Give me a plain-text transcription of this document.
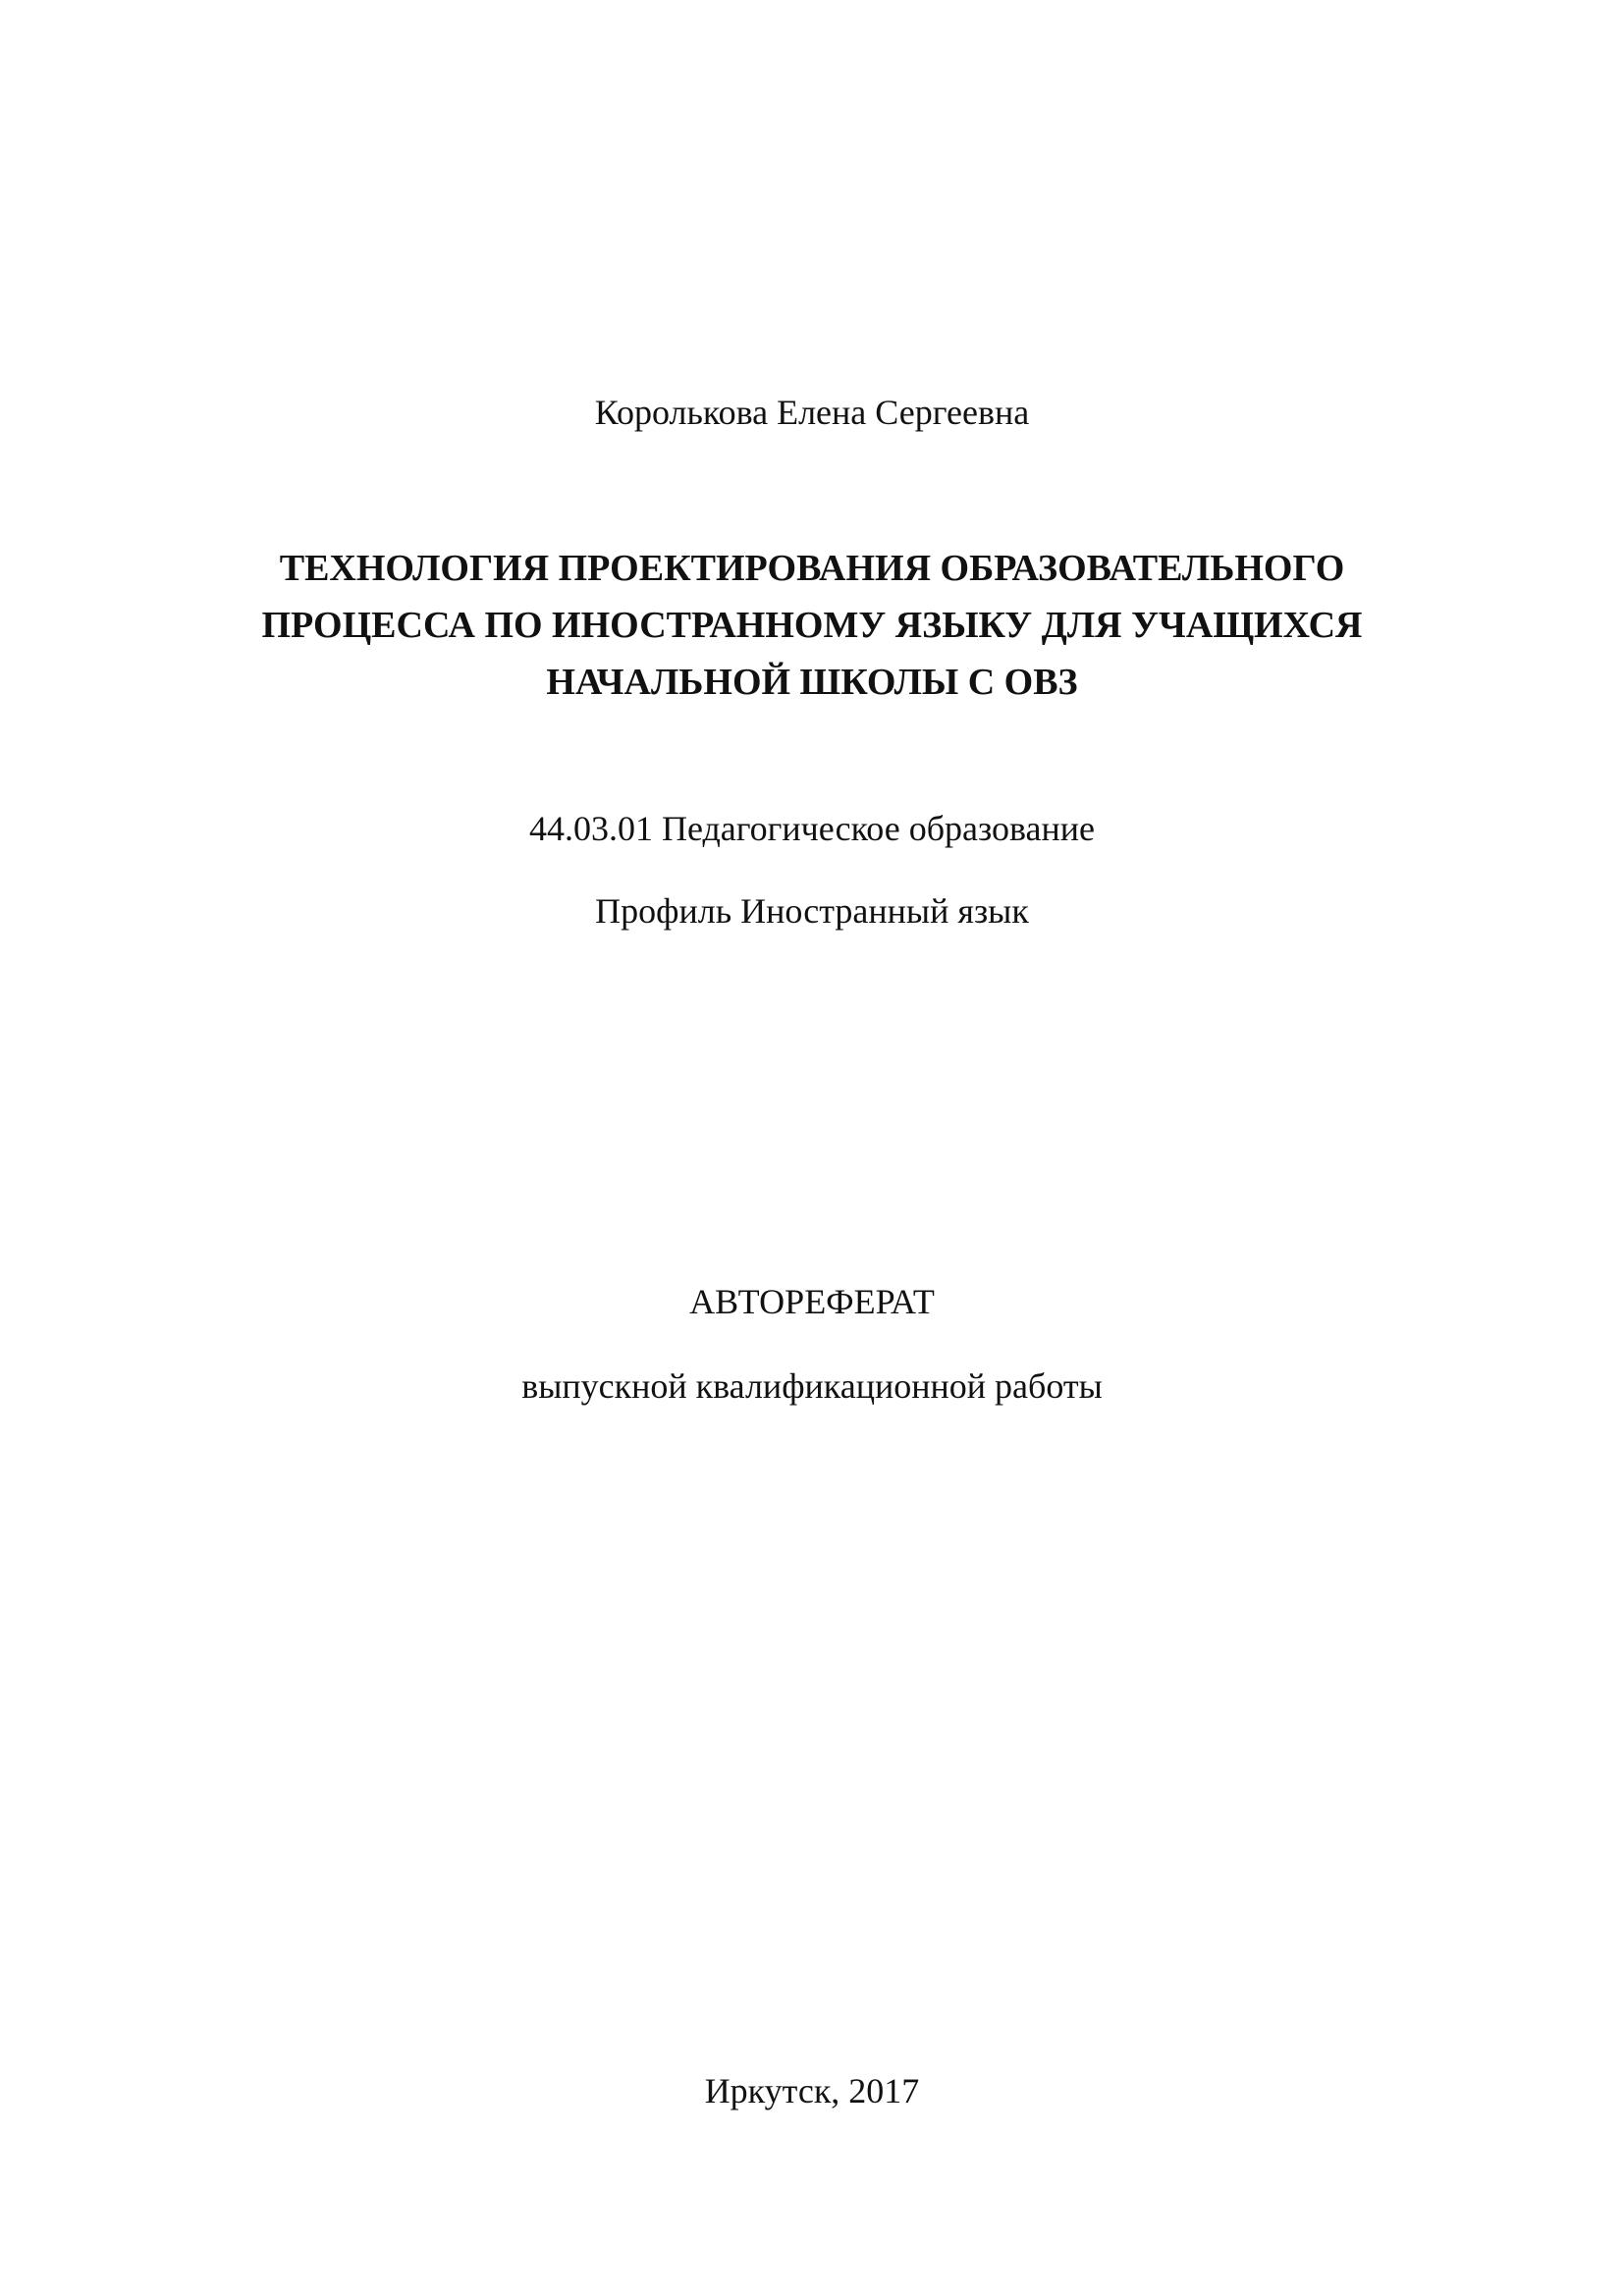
Королькова Елена Сергеевна
ТЕХНОЛОГИЯ ПРОЕКТИРОВАНИЯ ОБРАЗОВАТЕЛЬНОГО
ПРОЦЕССА ПО ИНОСТРАННОМУ ЯЗЫКУ ДЛЯ УЧАЩИХСЯ
НАЧАЛЬНОЙ ШКОЛЫ С ОВЗ
44.03.01 Педагогическое образование
Профиль Иностранный язык
АВТОРЕФЕРАТ
выпускной квалификационной работы
Иркутск, 2017
